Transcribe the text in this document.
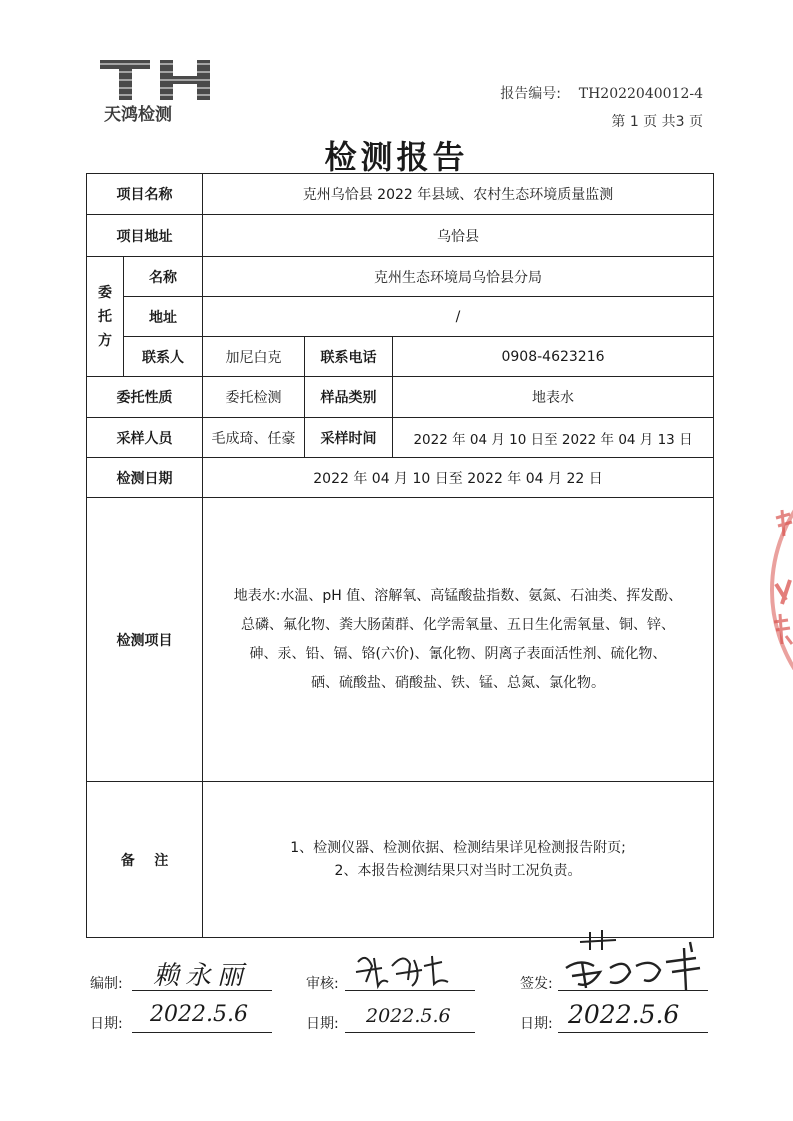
天鸿检测
报告编号: TH2022040012-4
第 1 页 共3 页
检测报告
项目名称		克州乌恰县 2022 年县域、农村生态环境质量监测		
项目地址		乌恰县		
委托方	名称	克州生态环境局乌恰县分局		
	地址	/		
	联系人	加尼白克	联系电话	0908-4623216
委托性质		委托检测	样品类别	地表水
采样人员		毛成琦、任豪	采样时间	2022 年 04 月 10 日至 2022 年 04 月 13 日
检测日期		2022 年 04 月 10 日至 2022 年 04 月 22 日		
检测项目		地表水:水温、pH 值、溶解氧、高锰酸盐指数、氨氮、石油类、挥发酚、
总磷、氟化物、粪大肠菌群、化学需氧量、五日生化需氧量、铜、锌、
砷、汞、铅、镉、铬(六价)、氰化物、阴离子表面活性剂、硫化物、
硒、硫酸盐、硝酸盐、铁、锰、总氮、氯化物。		

备    注		1、检测仪器、检测依据、检测结果详见检测报告附页;
2、本报告检测结果只对当时工况负责。		
编制: 赖永丽	审核:	签发:
日期: 2022.5.6	日期: 2022.5.6	日期: 2022.5.6
